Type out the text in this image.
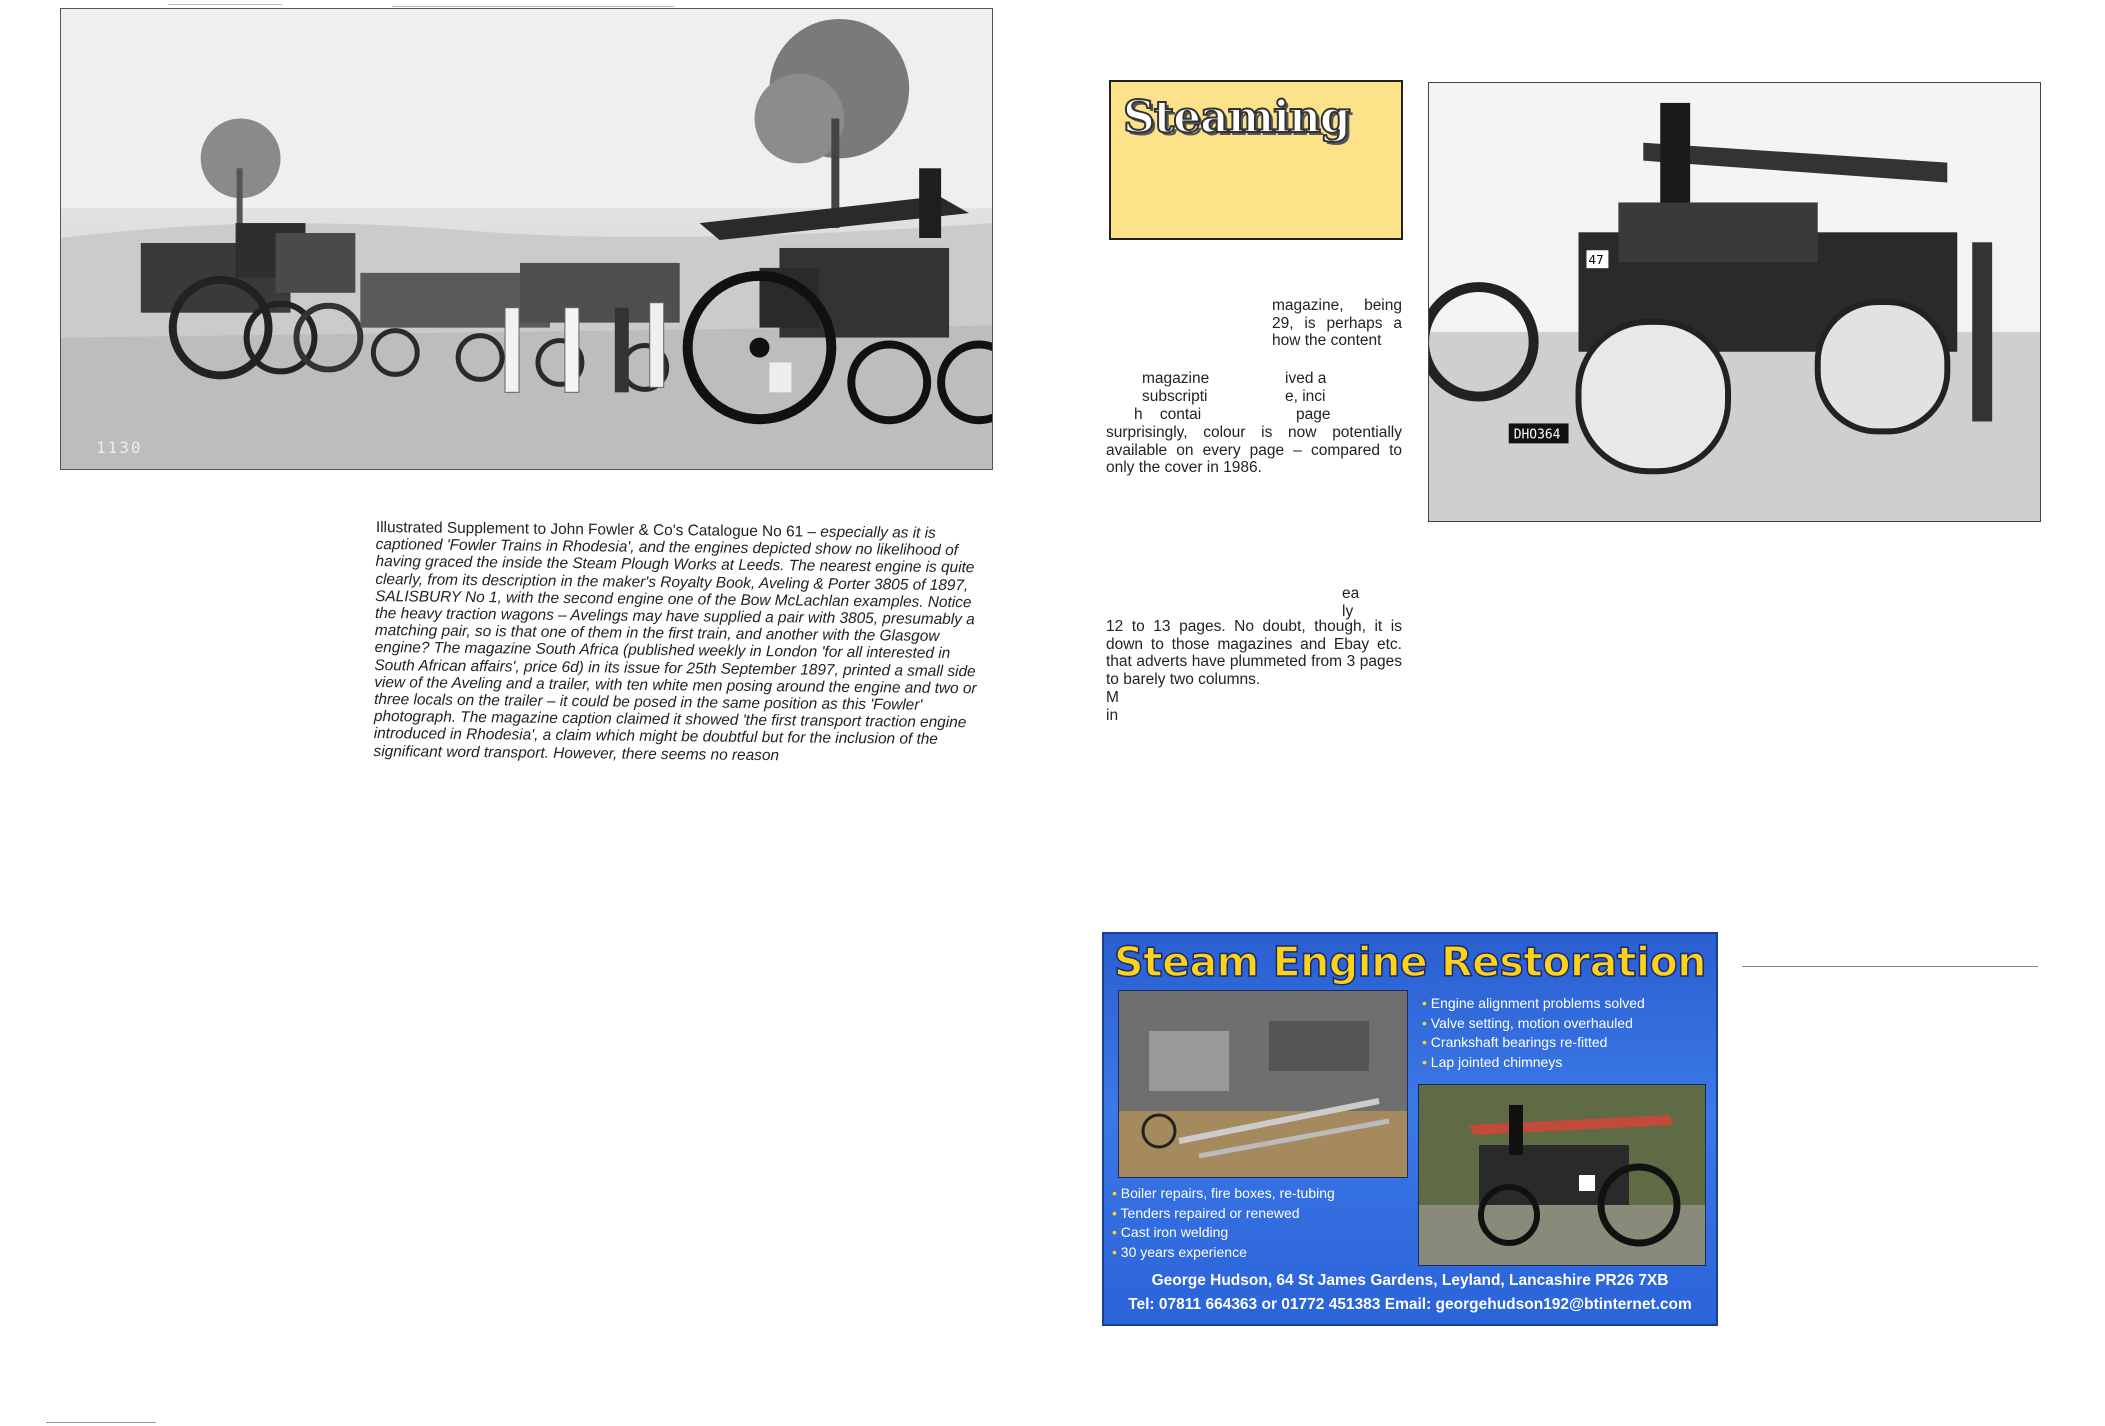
1130
Illustrated Supplement to John Fowler & Co's Catalogue No 61 – especially as it is captioned 'Fowler Trains in Rhodesia', and the engines depicted show no likelihood of having graced the inside the Steam Plough Works at Leeds. The nearest engine is quite clearly, from its description in the maker's Royalty Book, Aveling & Porter 3805 of 1897, SALISBURY No 1, with the second engine one of the Bow McLachlan examples. Notice the heavy traction wagons – Avelings may have supplied a pair with 3805, presumably a matching pair, so is that one of them in the first train, and another with the Glasgow engine? The magazine South Africa (published weekly in London 'for all interested in South African affairs', price 6d) in its issue for 25th September 1897, printed a small side view of the Aveling and a trailer, with ten white men posing around the engine and two or three locals on the trailer – it could be posed in the same position as this 'Fowler' photograph. The magazine caption claimed it showed 'the first transport traction engine introduced in Rhodesia', a claim which might be doubtful but for the inclusion of the significant word transport. However, there seems no reason
Steaming
magazine, being 29, is perhaps a how the content
magazine	ived a
subscripti	e, inci
h    contai	page
surprisingly, colour is now potentially available on every page – compared to only the cover in 1986.
ea
ly
12 to 13 pages. No doubt, though, it is down to those magazines and Ebay etc. that adverts have plummeted from 3 pages to barely two columns.
M
in
DHO364
47
Steam Engine Restoration
• Engine alignment problems solved
• Valve setting, motion overhauled
• Crankshaft bearings re-fitted
• Lap jointed chimneys
• Boiler repairs, fire boxes, re-tubing
• Tenders repaired or renewed
• Cast iron welding
• 30 years experience
George Hudson, 64 St James Gardens, Leyland, Lancashire PR26 7XB
Tel: 07811 664363 or 01772 451383 Email: georgehudson192@btinternet.com
